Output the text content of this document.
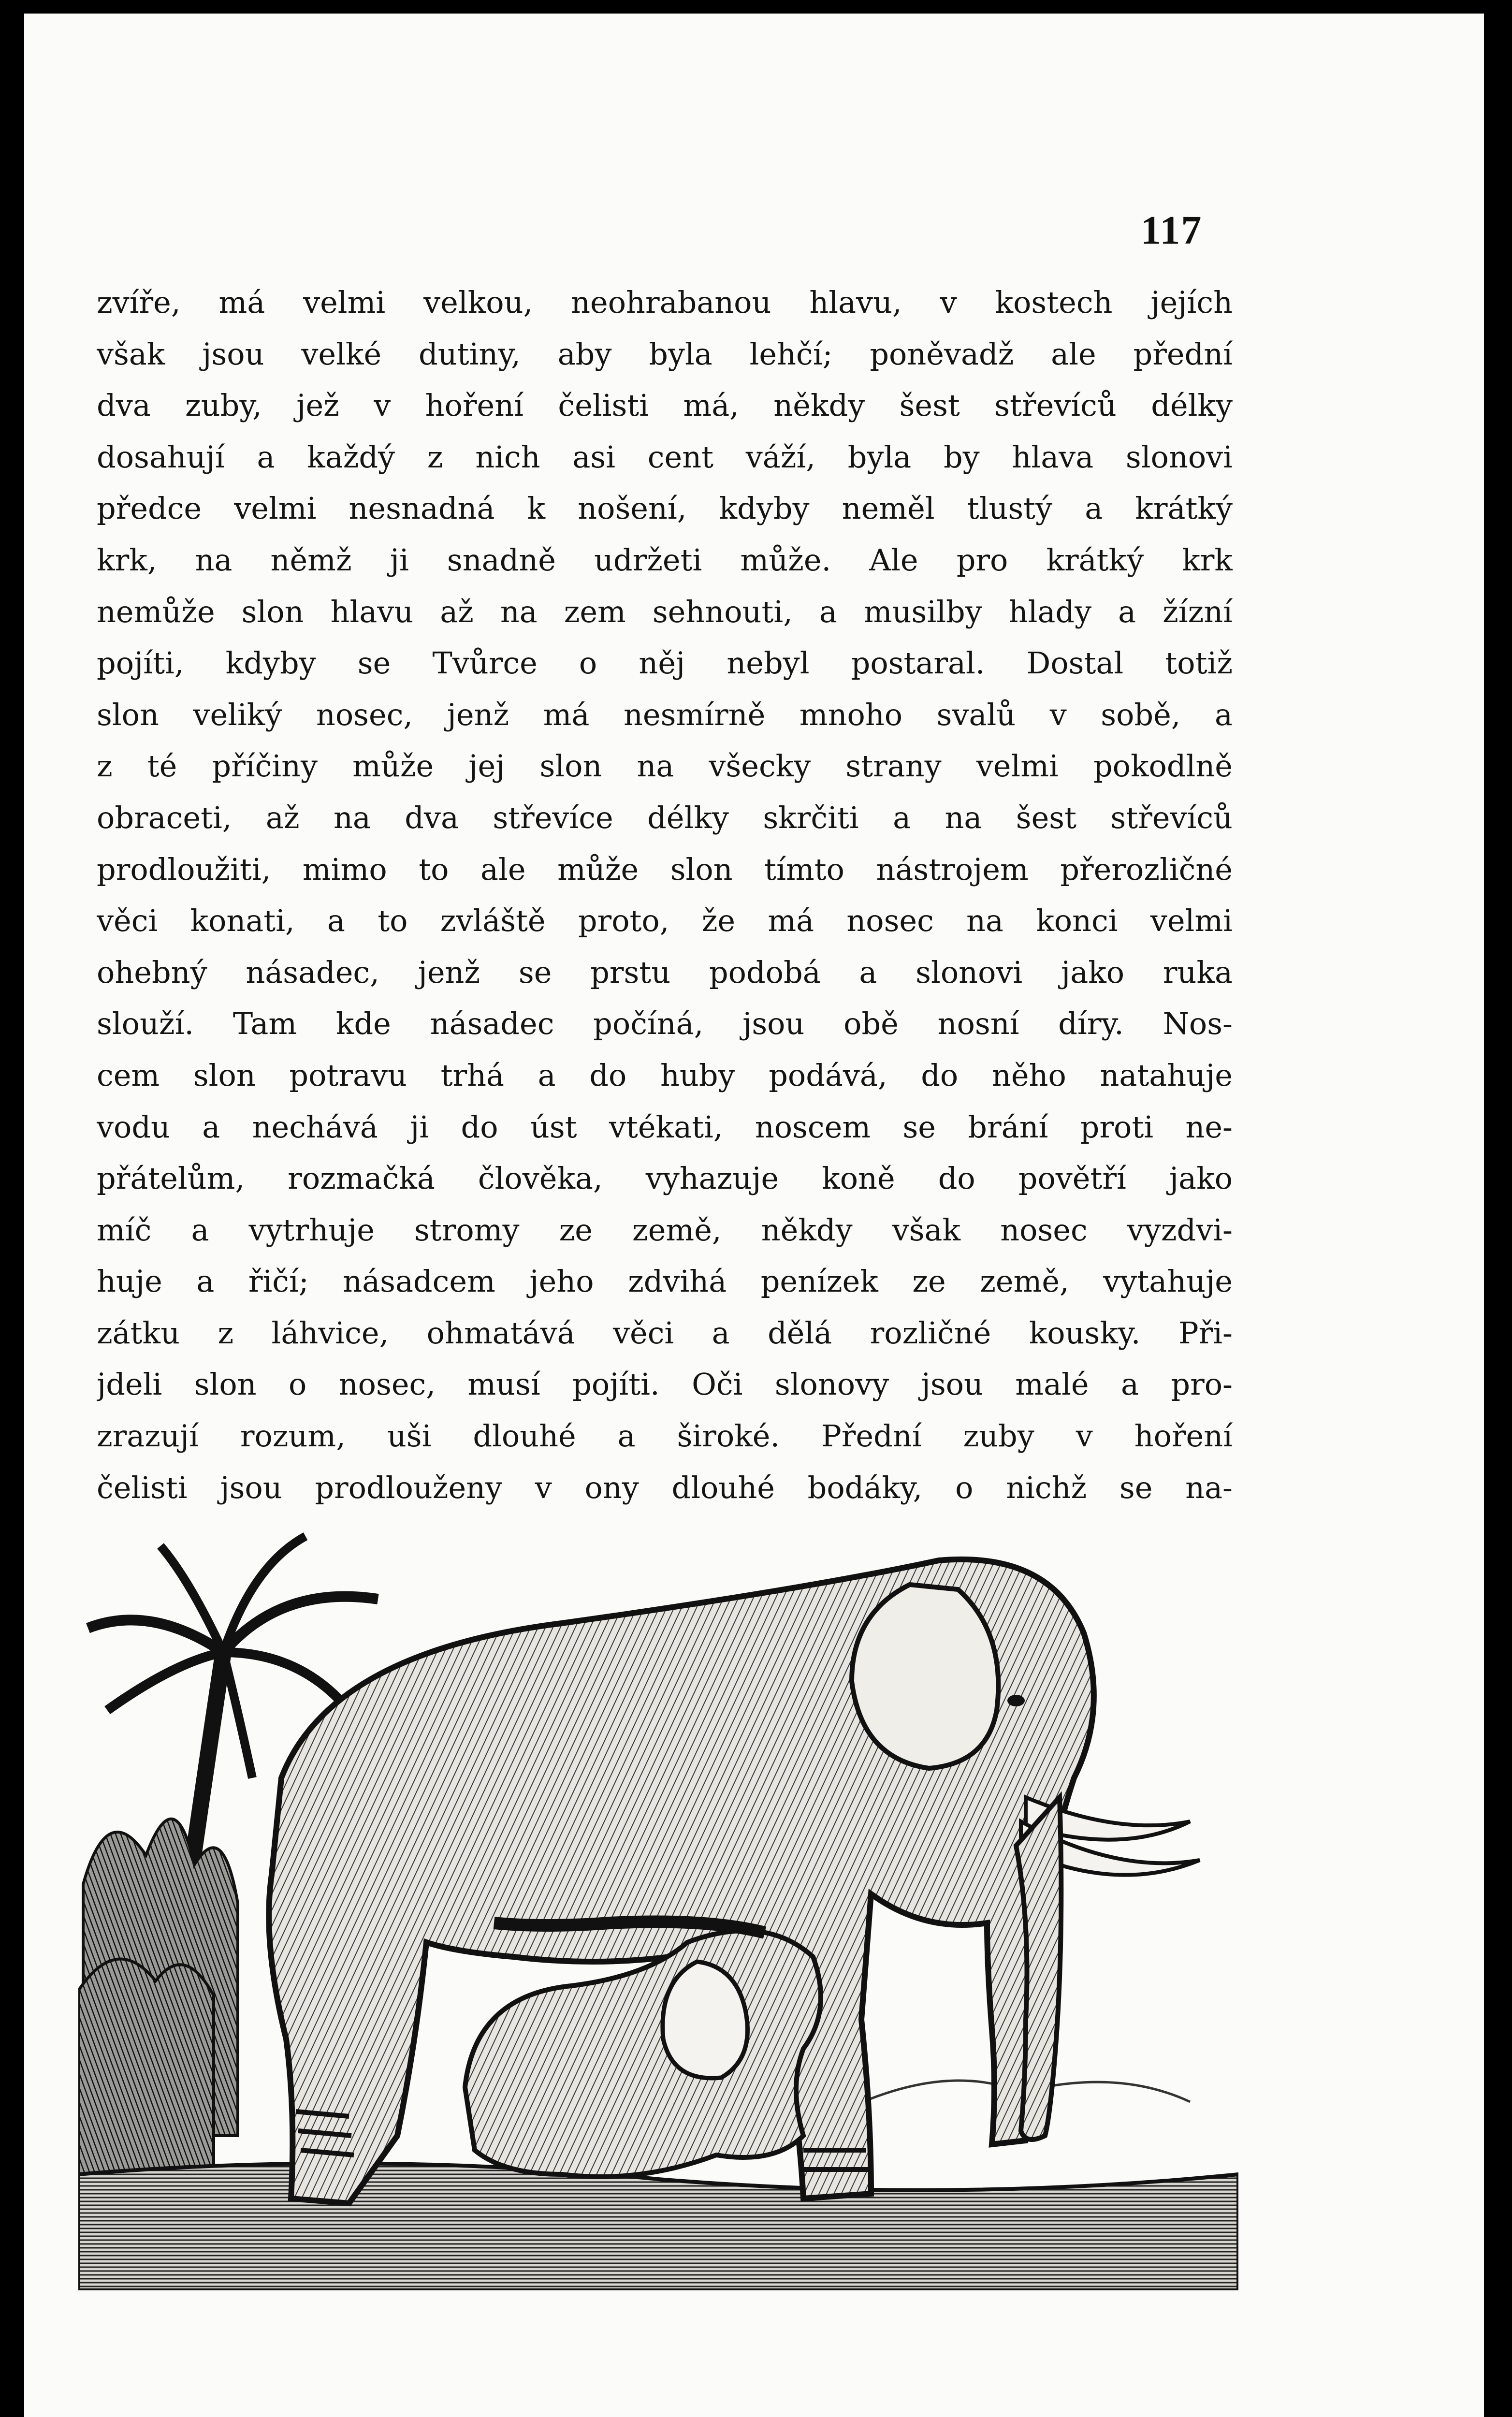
117
zvíře, má velmi velkou, neohrabanou hlavu, v kostech jejích
však jsou velké dutiny, aby byla lehčí; poněvadž ale přední
dva zuby, jež v hoření čelisti má, někdy šest střevíců délky
dosahují a každý z nich asi cent váží, byla by hlava slonovi
předce velmi nesnadná k nošení, kdyby neměl tlustý a krátký
krk, na němž ji snadně udržeti může. Ale pro krátký krk
nemůže slon hlavu až na zem sehnouti, a musilby hlady a žízní
pojíti, kdyby se Tvůrce o něj nebyl postaral. Dostal totiž
slon veliký nosec, jenž má nesmírně mnoho svalů v sobě, a
z té příčiny může jej slon na všecky strany velmi pokodlně
obraceti, až na dva střevíce délky skrčiti a na šest střevíců
prodloužiti, mimo to ale může slon tímto nástrojem přerozličné
věci konati, a to zvláště proto, že má nosec na konci velmi
ohebný násadec, jenž se prstu podobá a slonovi jako ruka
slouží. Tam kde násadec počíná, jsou obě nosní díry. Nos-
cem slon potravu trhá a do huby podává, do něho natahuje
vodu a nechává ji do úst vtékati, noscem se brání proti ne-
přátelům, rozmačká člověka, vyhazuje koně do povětří jako
míč a vytrhuje stromy ze země, někdy však nosec vyzdvi-
huje a řičí; násadcem jeho zdvihá penízek ze země, vytahuje
zátku z láhvice, ohmatává věci a dělá rozličné kousky. Při-
jdeli slon o nosec, musí pojíti. Oči slonovy jsou malé a pro-
zrazují rozum, uši dlouhé a široké. Přední zuby v hoření
čelisti jsou prodlouženy v ony dlouhé bodáky, o nichž se na-
